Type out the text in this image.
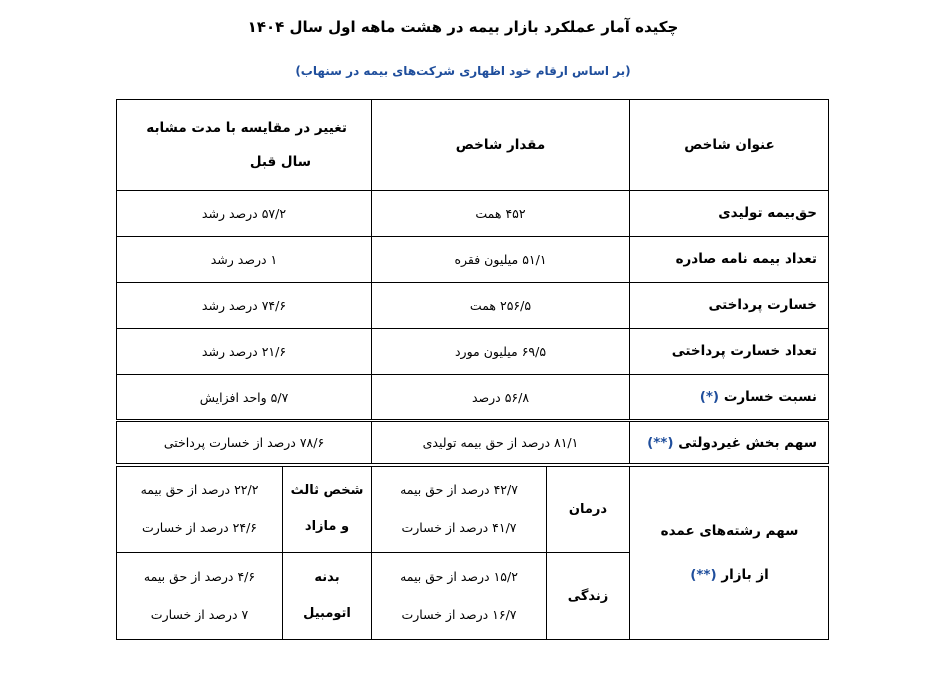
چکیده آمار عملکرد بازار بیمه در هشت ماهه اول سال ۱۴۰۴
(بر اساس ارقام خود اظهاری شرکت‌های بیمه در سنهاب)
عنوان شاخص
مقدار شاخص
تغییر در مقایسه با مدت مشابه
سال قبل
حق‌بیمه تولیدی
۴۵۲ همت
۵۷/۲ درصد رشد
تعداد بیمه نامه صادره
۵۱/۱ میلیون فقره
۱ درصد رشد
خسارت پرداختی
۲۵۶/۵ همت
۷۴/۶ درصد رشد
تعداد خسارت پرداختی
۶۹/۵ میلیون مورد
۲۱/۶ درصد رشد
نسبت خسارت

(*)
۵۶/۸ درصد
۵/۷ واحد افزایش
سهم بخش غیردولتی

(**)
۸۱/۱ درصد از حق بیمه تولیدی
۷۸/۶ درصد از خسارت پرداختی
سهم رشته‌های عمده
از بازار (**)
درمان
۴۲/۷ درصد از حق بیمه
۴۱/۷ درصد از خسارت
شخص ثالث
و مازاد
۲۲/۲ درصد از حق بیمه
۲۴/۶ درصد از خسارت
زندگی
۱۵/۲ درصد از حق بیمه
۱۶/۷ درصد از خسارت
بدنه
اتومبیل
۴/۶ درصد از حق بیمه
۷ درصد از خسارت
